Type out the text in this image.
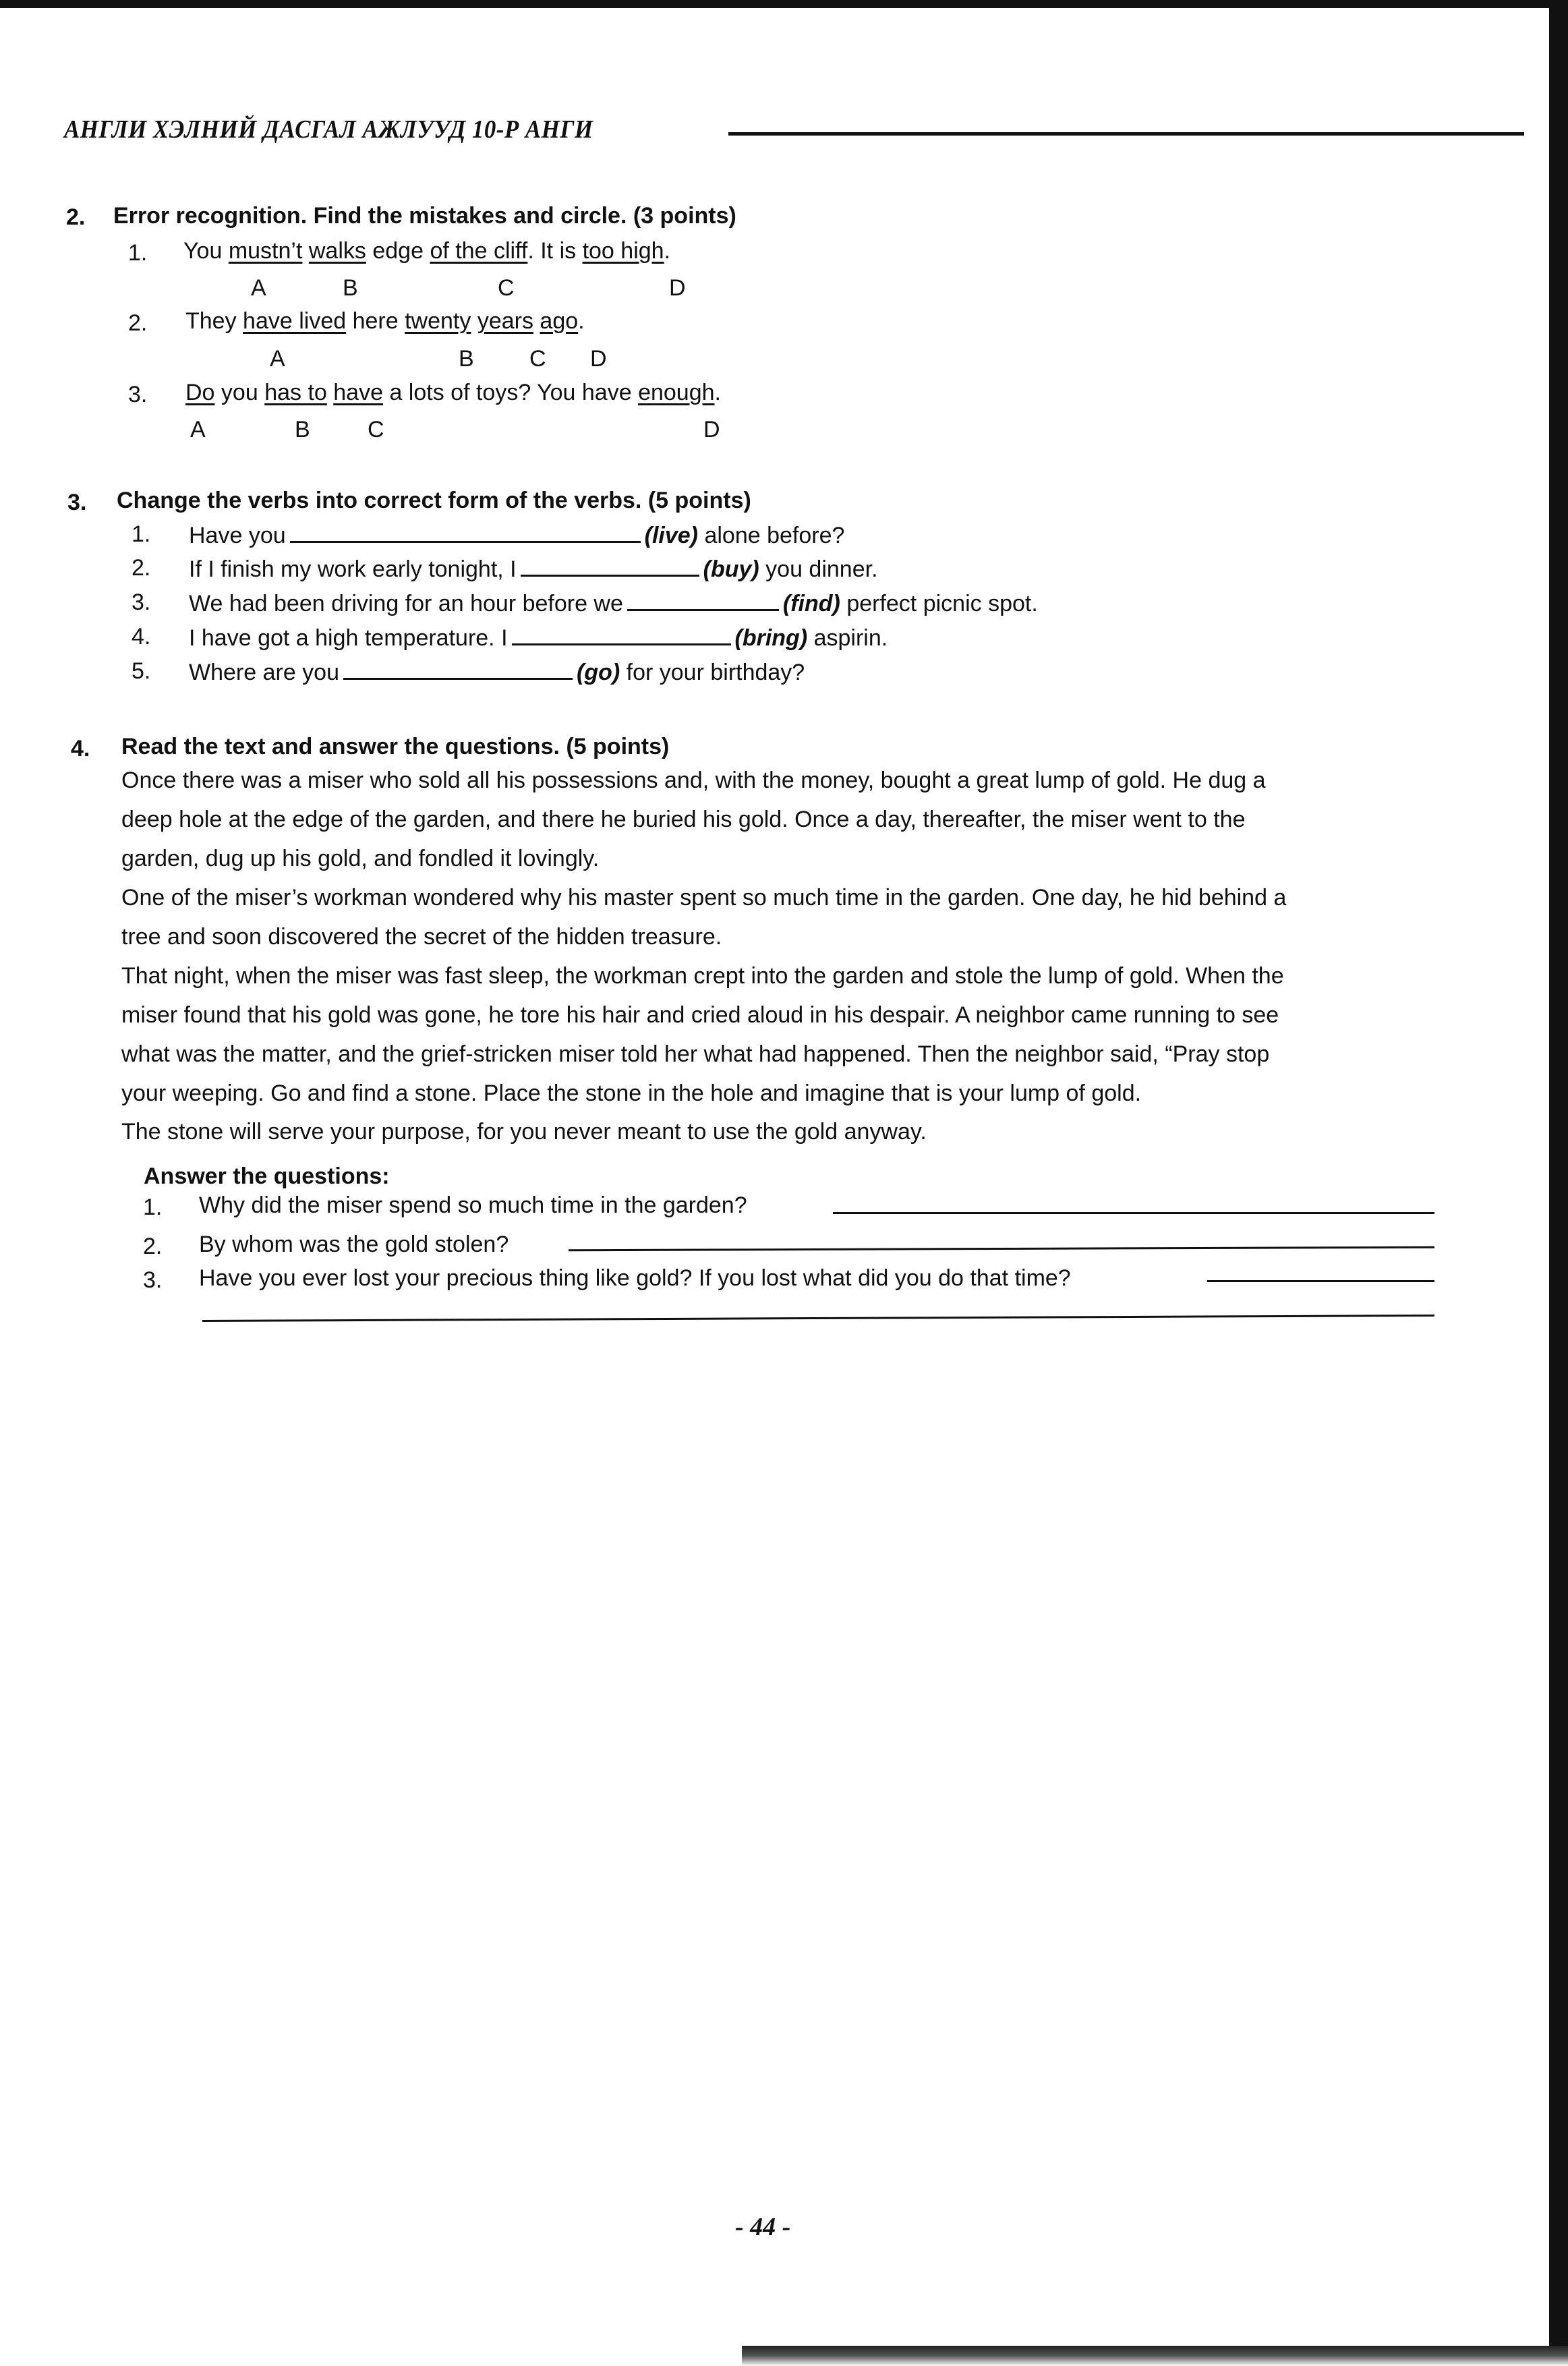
АНГЛИ ХЭЛНИЙ ДАСГАЛ АЖЛУУД 10-Р АНГИ
2. Error recognition. Find the mistakes and circle. (3 points)
1. You mustn’t walks edge of the cliff. It is too high.
A	B	C	D
2. They have lived here twenty years ago.
A	B C D
3. Do you has to have a lots of toys? You have enough.
A	B	C	D
3. Change the verbs into correct form of the verbs. (5 points)
1. Have you	(live) alone before?
2. If I finish my work early tonight, I	(buy) you dinner.
3. We had been driving for an hour before we	(find) perfect picnic spot.
4. I have got a high temperature. I	(bring) aspirin.
5. Where are you	(go) for your birthday?
4. Read the text and answer the questions. (5 points)

Once there was a miser who sold all his possessions and, with the money, bought a great lump of gold. He dug a

deep hole at the edge of the garden, and there he buried his gold. Once a day, thereafter, the miser went to the

garden, dug up his gold, and fondled it lovingly.

One of the miser’s workman wondered why his master spent so much time in the garden. One day, he hid behind a

tree and soon discovered the secret of the hidden treasure.

That night, when the miser was fast sleep, the workman crept into the garden and stole the lump of gold. When the

miser found that his gold was gone, he tore his hair and cried aloud in his despair. A neighbor came running to see

what was the matter, and the grief-stricken miser told her what had happened. Then the neighbor said, “Pray stop

your weeping. Go and find a stone. Place the stone in the hole and imagine that is your lump of gold.

The stone will serve your purpose, for you never meant to use the gold anyway.

Answer the questions:
1. Why did the miser spend so much time in the garden?
2. By whom was the gold stolen?
3. Have you ever lost your precious thing like gold? If you lost what did you do that time?
- 44 -
